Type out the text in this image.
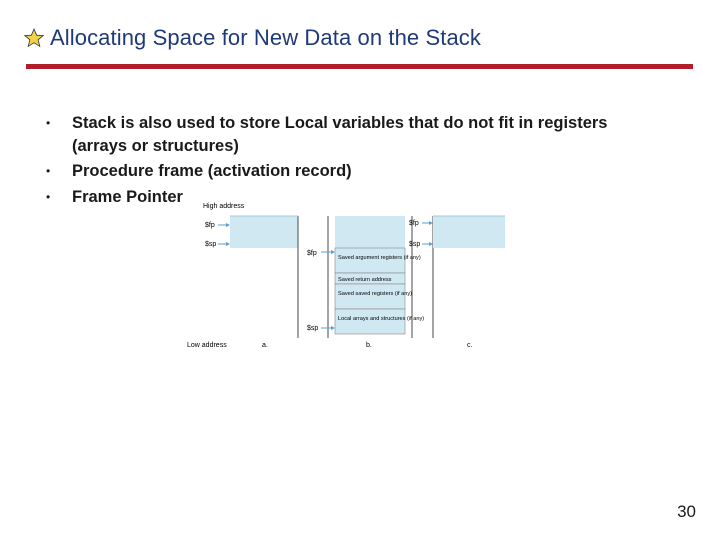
Allocating Space for New Data on the Stack
• Stack is also used to store Local variables that do not fit in registers (arrays or structures)
• Procedure frame (activation record)
• Frame Pointer
High address
$fp
$sp
Low address	a.
Saved argument registers (if any)
Saved return address
Saved saved registers (if any)
Local arrays and structures (if any)
$fp
$sp
b.
$fp
$sp
c.
30
